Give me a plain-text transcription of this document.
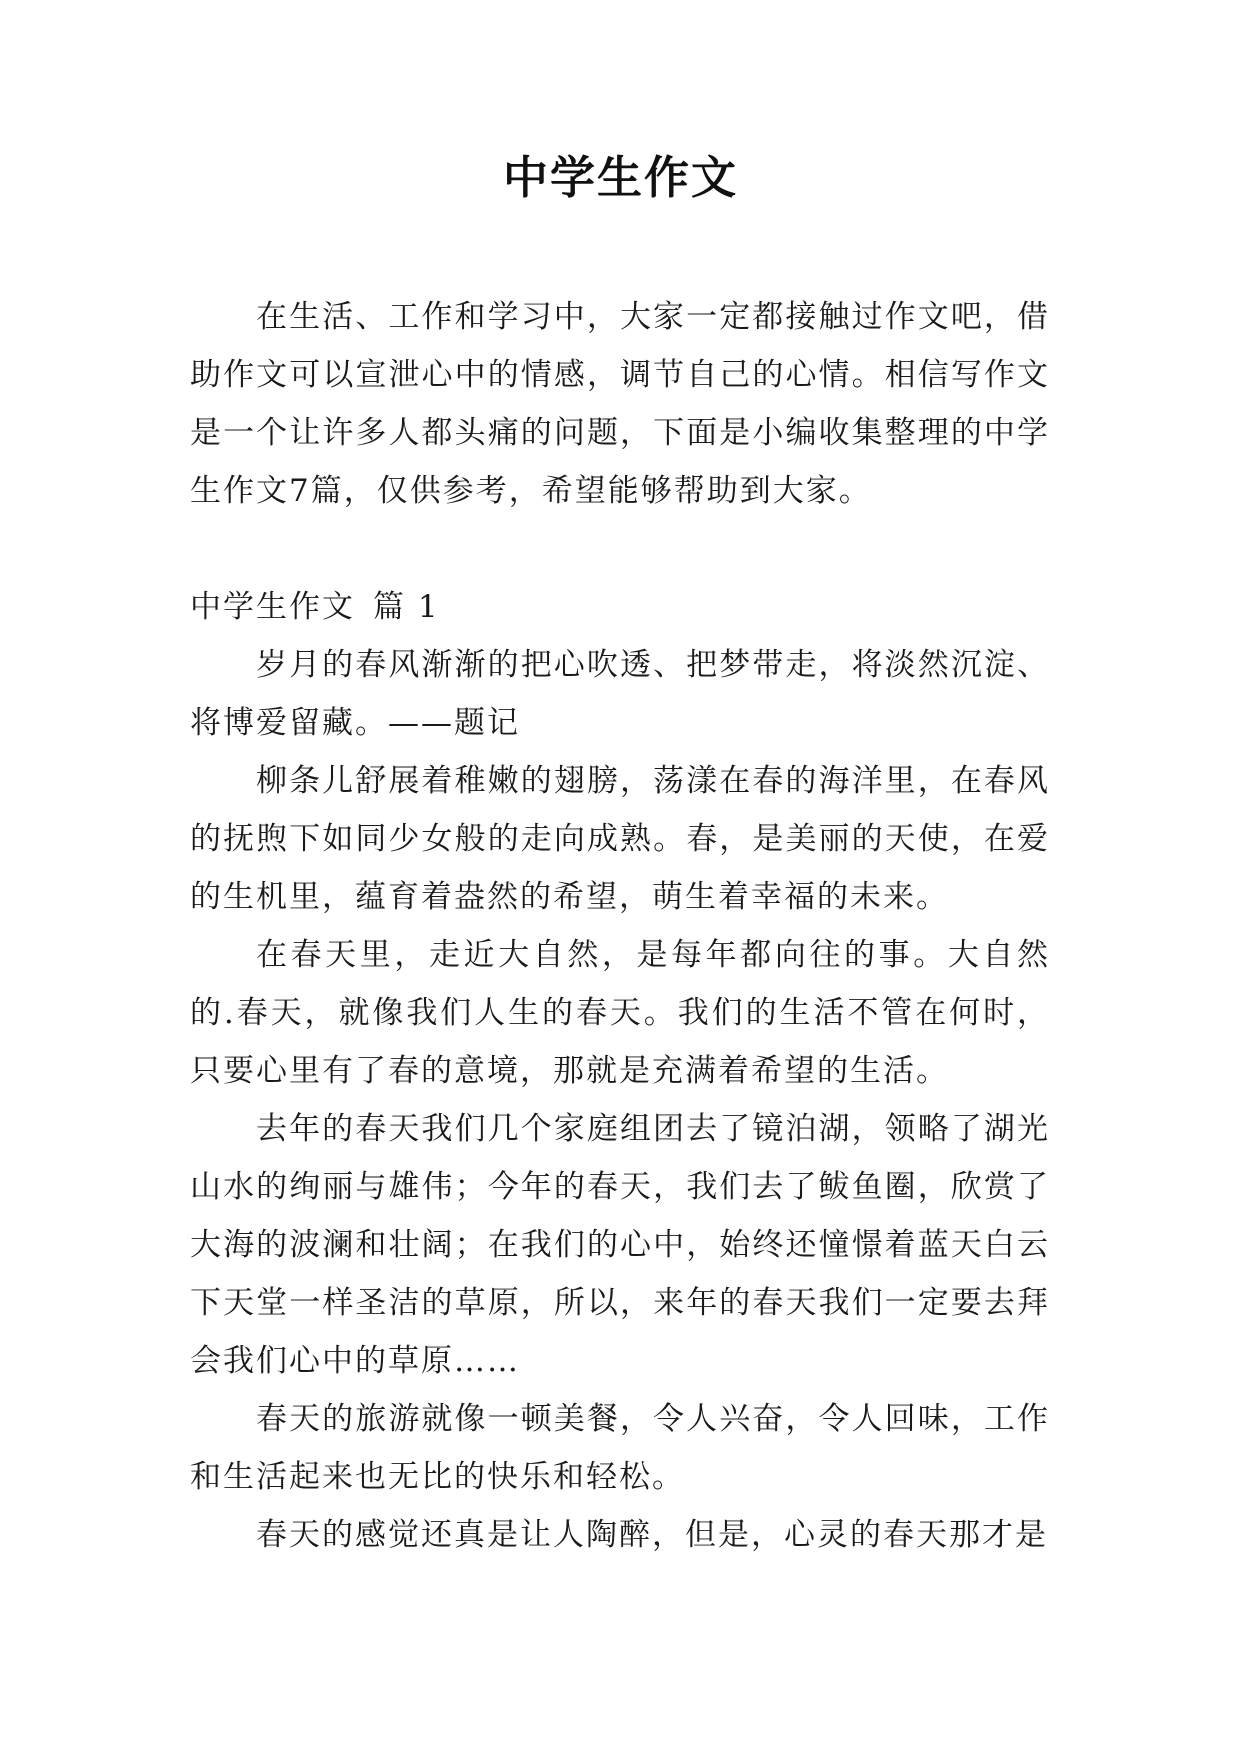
中学生作文

在生活、工作和学习中，大家一定都接触过作文吧，借助作文可以宣泄心中的情感，调节自己的心情。相信写作文是一个让许多人都头痛的问题，下面是小编收集整理的中学生作文7篇，仅供参考，希望能够帮助到大家。

中学生作文 篇 1

岁月的春风渐渐的把心吹透、把梦带走，将淡然沉淀、将博爱留藏。——题记

柳条儿舒展着稚嫩的翅膀，荡漾在春的海洋里，在春风的抚煦下如同少女般的走向成熟。春，是美丽的天使，在爱的生机里，蕴育着盎然的希望，萌生着幸福的未来。

在春天里，走近大自然，是每年都向往的事。大自然的.春天，就像我们人生的春天。我们的生活不管在何时，只要心里有了春的意境，那就是充满着希望的生活。

去年的春天我们几个家庭组团去了镜泊湖，领略了湖光山水的绚丽与雄伟；今年的春天，我们去了鲅鱼圈，欣赏了大海的波澜和壮阔；在我们的心中，始终还憧憬着蓝天白云下天堂一样圣洁的草原，所以，来年的春天我们一定要去拜会我们心中的草原……

春天的旅游就像一顿美餐，令人兴奋，令人回味，工作和生活起来也无比的快乐和轻松。

春天的感觉还真是让人陶醉，但是，心灵的春天那才是
